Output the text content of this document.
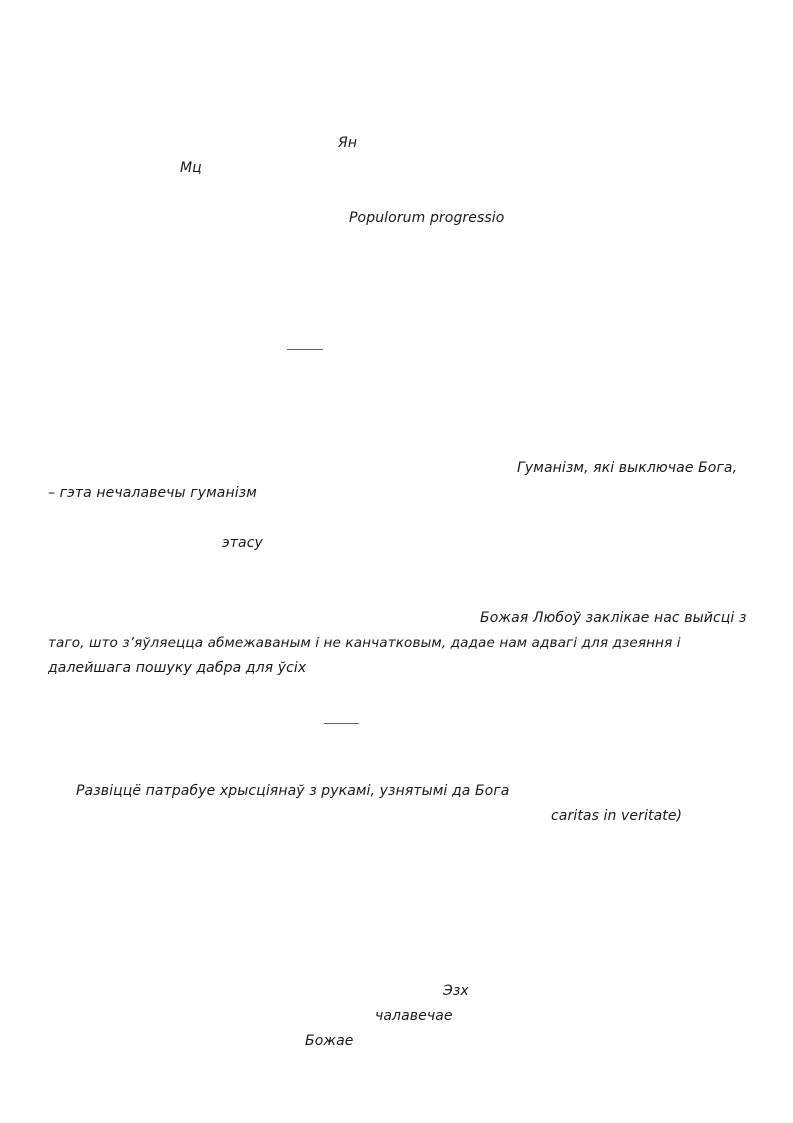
Ян
Мц
Populorum progressio
Гуманізм, які выключае Бога,
– гэта нечалавечы гуманізм
этасу
Божая Любоў заклікае нас выйсці з
таго, што з’яўляецца абмежаваным і не канчатковым, дадае нам адвагі для дзеяння і
далейшага пошуку дабра для ўсіх
Развіццё патрабуе хрысціянаў з рукамі, узнятымі да Бога
caritas in veritate)
Эзх
чалавечае
Божае
